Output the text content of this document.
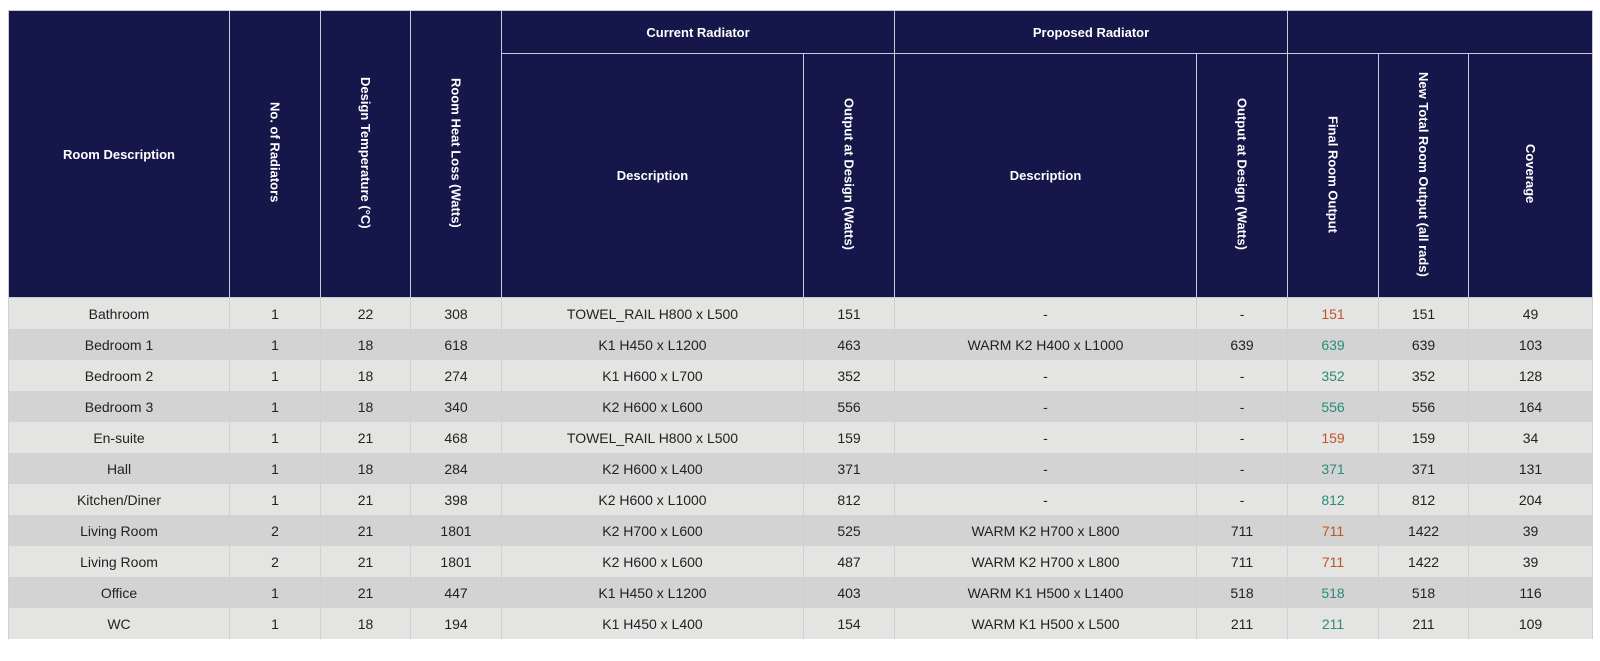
Room Description	No. of Radiators	Design Temperature (°C)	Room Heat Loss (Watts)	Current Radiator		Proposed Radiator				
				Description	Output at Design (Watts)	Description	Output at Design (Watts)	Final Room Output	New Total Room Output (all rads)	Coverage
Bathroom	1	22	308	TOWEL_RAIL H800 x L500	151	-	-	151	151	49
Bedroom 1	1	18	618	K1 H450 x L1200	463	WARM K2 H400 x L1000	639	639	639	103
Bedroom 2	1	18	274	K1 H600 x L700	352	-	-	352	352	128
Bedroom 3	1	18	340	K2 H600 x L600	556	-	-	556	556	164
En-suite	1	21	468	TOWEL_RAIL H800 x L500	159	-	-	159	159	34
Hall	1	18	284	K2 H600 x L400	371	-	-	371	371	131
Kitchen/Diner	1	21	398	K2 H600 x L1000	812	-	-	812	812	204
Living Room	2	21	1801	K2 H700 x L600	525	WARM K2 H700 x L800	711	711	1422	39
Living Room	2	21	1801	K2 H600 x L600	487	WARM K2 H700 x L800	711	711	1422	39
Office	1	21	447	K1 H450 x L1200	403	WARM K1 H500 x L1400	518	518	518	116
WC	1	18	194	K1 H450 x L400	154	WARM K1 H500 x L500	211	211	211	109
